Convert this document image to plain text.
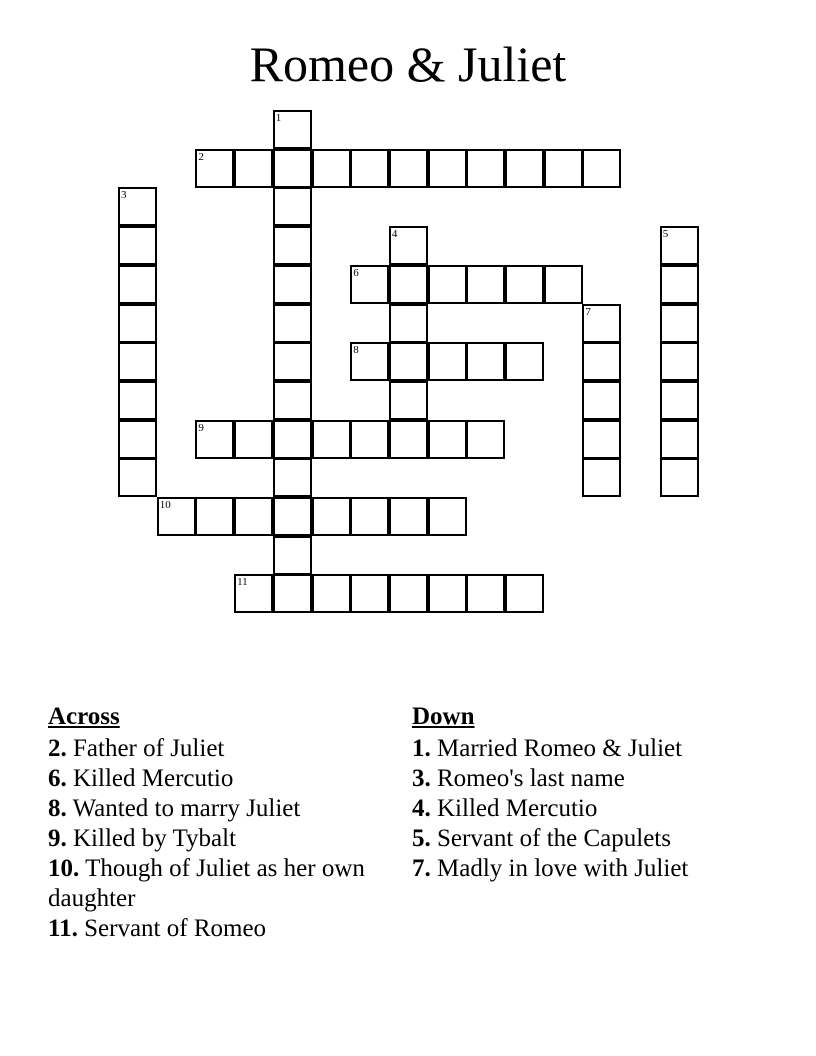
Romeo & Juliet
1
2
3
4	5
6
7
8
9
10
11
Across
2. Father of Juliet
6. Killed Mercutio
8. Wanted to marry Juliet
9. Killed by Tybalt
10. Though of Juliet as her own daughter
11. Servant of Romeo
Down
1. Married Romeo & Juliet
3. Romeo's last name
4. Killed Mercutio
5. Servant of the Capulets
7. Madly in love with Juliet
